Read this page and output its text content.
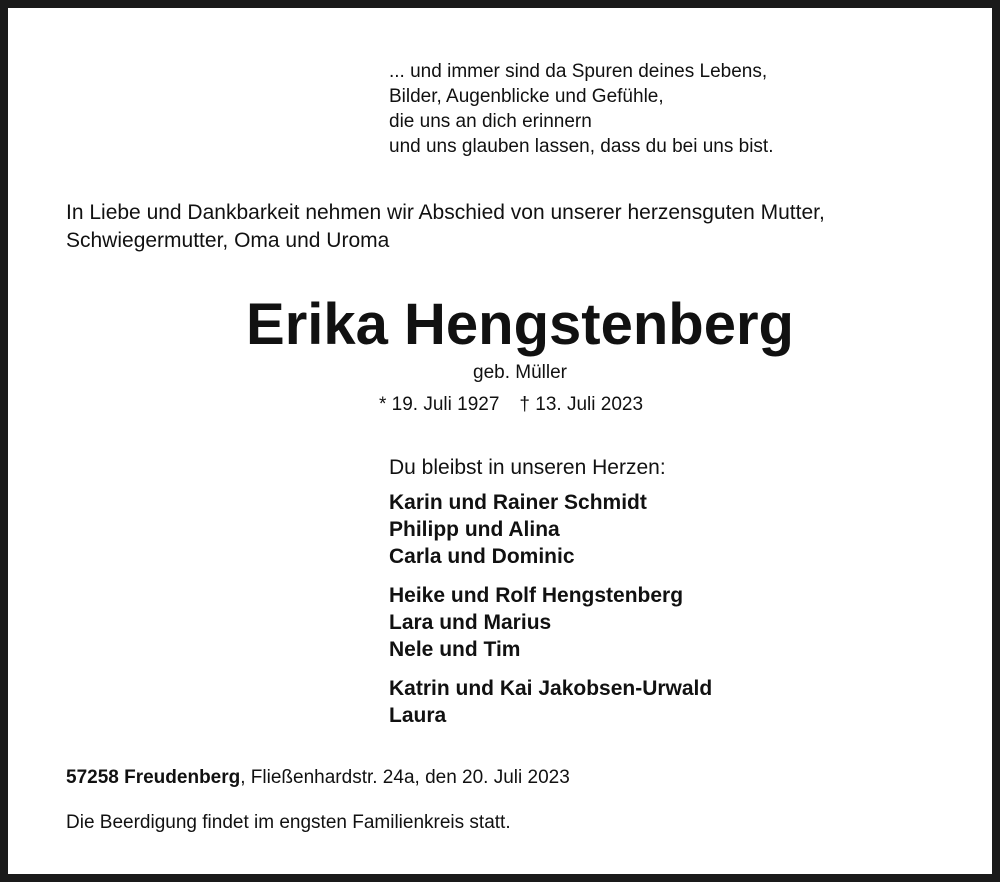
... und immer sind da Spuren deines Lebens,
Bilder, Augenblicke und Gefühle,
die uns an dich erinnern
und uns glauben lassen, dass du bei uns bist.
In Liebe und Dankbarkeit nehmen wir Abschied von unserer herzensguten Mutter,
Schwiegermutter, Oma und Uroma
Erika Hengstenberg
geb. Müller
* 19. Juli 1927 † 13. Juli 2023
Du bleibst in unseren Herzen:
Karin und Rainer Schmidt
Philipp und Alina
Carla und Dominic
Heike und Rolf Hengstenberg
Lara und Marius
Nele und Tim
Katrin und Kai Jakobsen-Urwald
Laura
57258 Freudenberg, Fließenhardstr. 24a, den 20. Juli 2023
Die Beerdigung findet im engsten Familienkreis statt.
